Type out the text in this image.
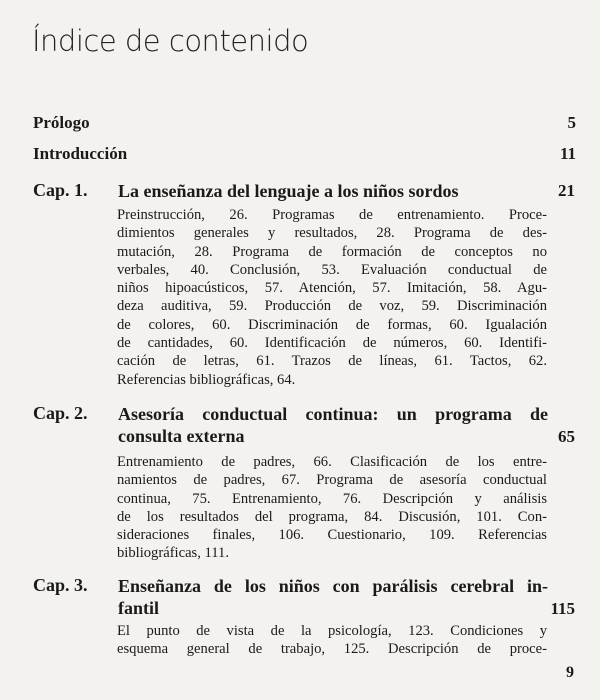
Índice de contenido
Prólogo	5
Introducción	11
Cap. 1. La enseñanza del lenguaje a los niños sordos	21
Preinstrucción, 26. Programas de entrenamiento. Proce-
dimientos generales y resultados, 28. Programa de des-
mutación, 28. Programa de formación de conceptos no
verbales, 40. Conclusión, 53. Evaluación conductual de
niños hipoacústicos, 57. Atención, 57. Imitación, 58. Agu-
deza auditiva, 59. Producción de voz, 59. Discriminación
de colores, 60. Discriminación de formas, 60. Igualación
de cantidades, 60. Identificación de números, 60. Identifi-
cación de letras, 61. Trazos de líneas, 61. Tactos, 62.
Referencias bibliográficas, 64.
Cap. 2. Asesoría conductual continua: un programa de
consulta externa	65
Entrenamiento de padres, 66. Clasificación de los entre-
namientos de padres, 67. Programa de asesoría conductual
continua, 75. Entrenamiento, 76. Descripción y análisis
de los resultados del programa, 84. Discusión, 101. Con-
sideraciones finales, 106. Cuestionario, 109. Referencias
bibliográficas, 111.
Cap. 3. Enseñanza de los niños con parálisis cerebral in-
fantil	115
El punto de vista de la psicología, 123. Condiciones y
esquema general de trabajo, 125. Descripción de proce-
9
